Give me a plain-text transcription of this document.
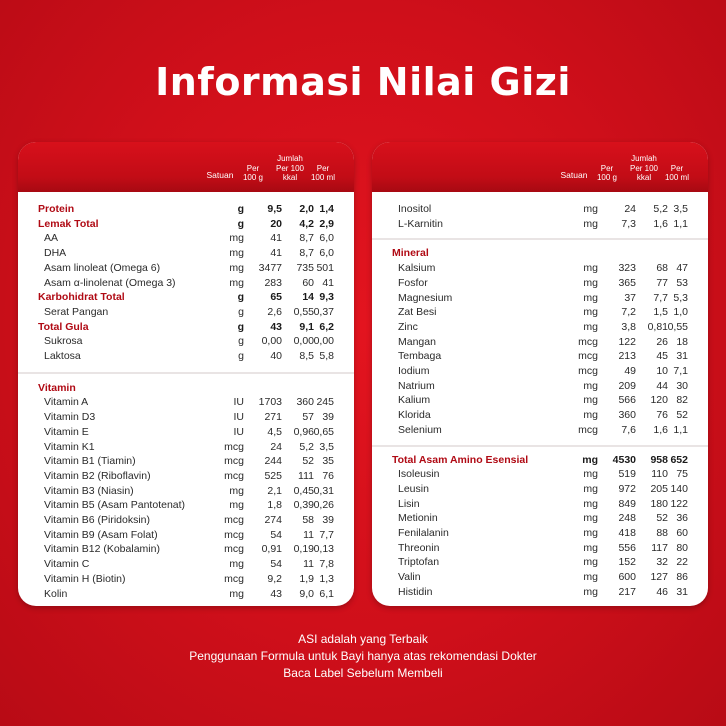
Informasi Nilai Gizi
Satuan
Jumlah
Per 100 g
Per 100 kkal
Per 100 ml
Protein	g 9,5 2,0 1,4
Lemak Total	g	20 4,2 2,9
AA	mg	41 8,7 6,0
DHA	mg	41 8,7 6,0
Asam linoleat (Omega 6)	mg 3477 735 501
Asam α-linolenat (Omega 3)	mg 283 60 41
Karbohidrat Total	g	65 14 9,3
Serat Pangan	g 2,6 0,55 0,37
Total Gula	g	43 9,1 6,2
Sukrosa	g 0,00 0,00 0,00
Laktosa	g	40 8,5 5,8
Vitamin
Vitamin A	IU 1703 360 245
Vitamin D3	IU 271 57 39
Vitamin E	IU 4,5 0,96 0,65
Vitamin K1	mcg	24 5,2 3,5
Vitamin B1 (Tiamin)	mcg 244 52 35
Vitamin B2 (Riboflavin)	mcg 525 111 76
Vitamin B3 (Niasin)	mg 2,1 0,45 0,31
Vitamin B5 (Asam Pantotenat)	mg 1,8 0,39 0,26
Vitamin B6 (Piridoksin)	mcg 274 58 39
Vitamin B9 (Asam Folat)	mcg	54 11 7,7
Vitamin B12 (Kobalamin)	mcg 0,91 0,19 0,13
Vitamin C	mg	54 11 7,8
Vitamin H (Biotin)	mcg 9,2 1,9 1,3
Kolin	mg	43 9,0 6,1
Satuan
Jumlah
Per 100 g
Per 100 kkal
Per 100 ml
Inositol	mg	24 5,2 3,5
L-Karnitin	mg 7,3 1,6 1,1
Mineral
Kalsium	mg 323 68 47
Fosfor	mg 365 77 53
Magnesium	mg	37 7,7 5,3
Zat Besi	mg 7,2 1,5 1,0
Zinc	mg 3,8 0,81 0,55
Mangan	mcg 122 26 18
Tembaga	mcg 213 45 31
Iodium	mcg	49 10 7,1
Natrium	mg 209 44 30
Kalium	mg 566 120 82
Klorida	mg 360 76 52
Selenium	mcg 7,6 1,6 1,1
Total Asam Amino Esensial	mg 4530 958 652
Isoleusin	mg 519 110 75
Leusin	mg 972 205 140
Lisin	mg 849 180 122
Metionin	mg 248 52 36
Fenilalanin	mg 418 88 60
Threonin	mg 556 117 80
Triptofan	mg 152 32 22
Valin	mg 600 127 86
Histidin	mg 217 46 31
ASI adalah yang Terbaik
Penggunaan Formula untuk Bayi hanya atas rekomendasi Dokter
Baca Label Sebelum Membeli
